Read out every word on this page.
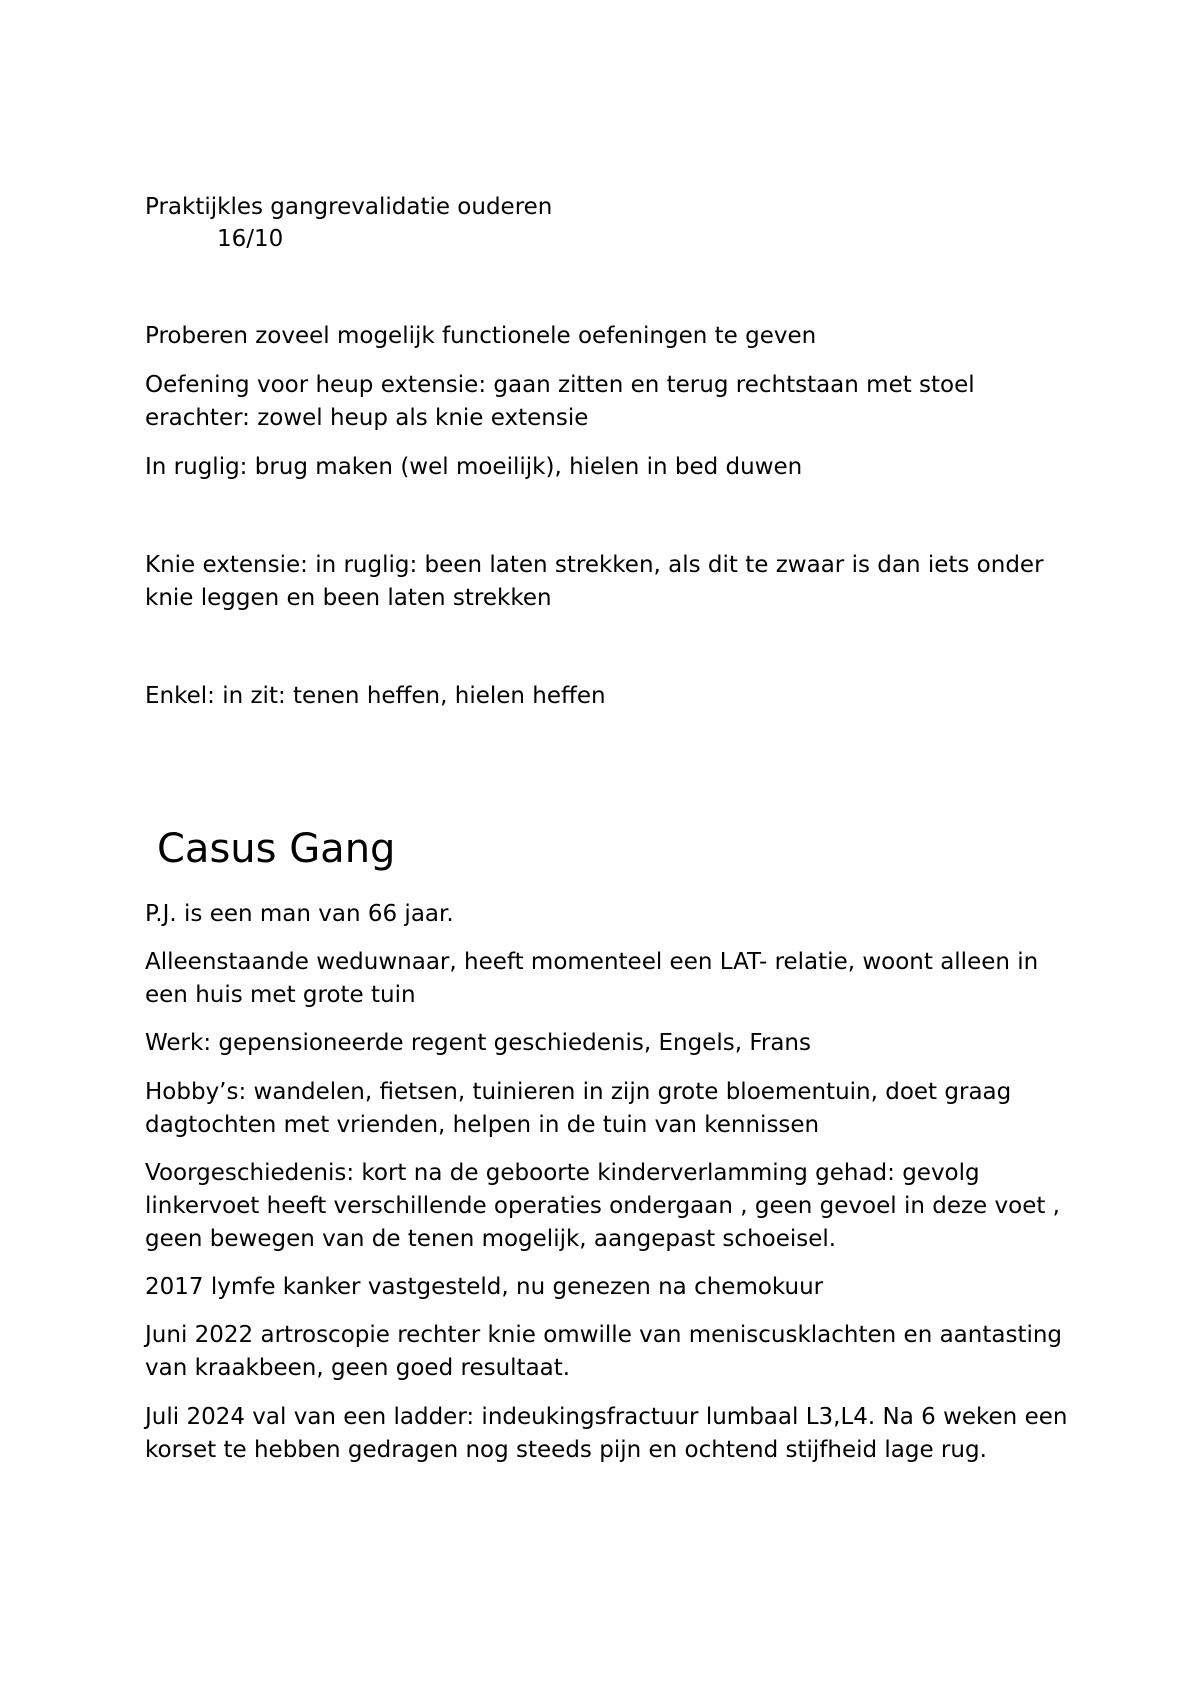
Praktijkles gangrevalidatie ouderen
16/10
Proberen zoveel mogelijk functionele oefeningen te geven
Oefening voor heup extensie: gaan zitten en terug rechtstaan met stoel erachter: zowel heup als knie extensie
In ruglig: brug maken (wel moeilijk), hielen in bed duwen
Knie extensie: in ruglig: been laten strekken, als dit te zwaar is dan iets onder knie leggen en been laten strekken
Enkel: in zit: tenen heffen, hielen heffen
Casus Gang
P.J. is een man van 66 jaar.
Alleenstaande weduwnaar, heeft momenteel een LAT- relatie, woont alleen in een huis met grote tuin
Werk: gepensioneerde regent geschiedenis, Engels, Frans
Hobby’s: wandelen, fietsen, tuinieren in zijn grote bloementuin, doet graag dagtochten met vrienden, helpen in de tuin van kennissen
Voorgeschiedenis: kort na de geboorte kinderverlamming gehad: gevolg linkervoet heeft verschillende operaties ondergaan , geen gevoel in deze voet , geen bewegen van de tenen mogelijk, aangepast schoeisel.
2017 lymfe kanker vastgesteld, nu genezen na chemokuur
Juni 2022 artroscopie rechter knie omwille van meniscusklachten en aantasting van kraakbeen, geen goed resultaat.
Juli 2024 val van een ladder: indeukingsfractuur lumbaal L3,L4. Na 6 weken een korset te hebben gedragen nog steeds pijn en ochtend stijfheid lage rug.
